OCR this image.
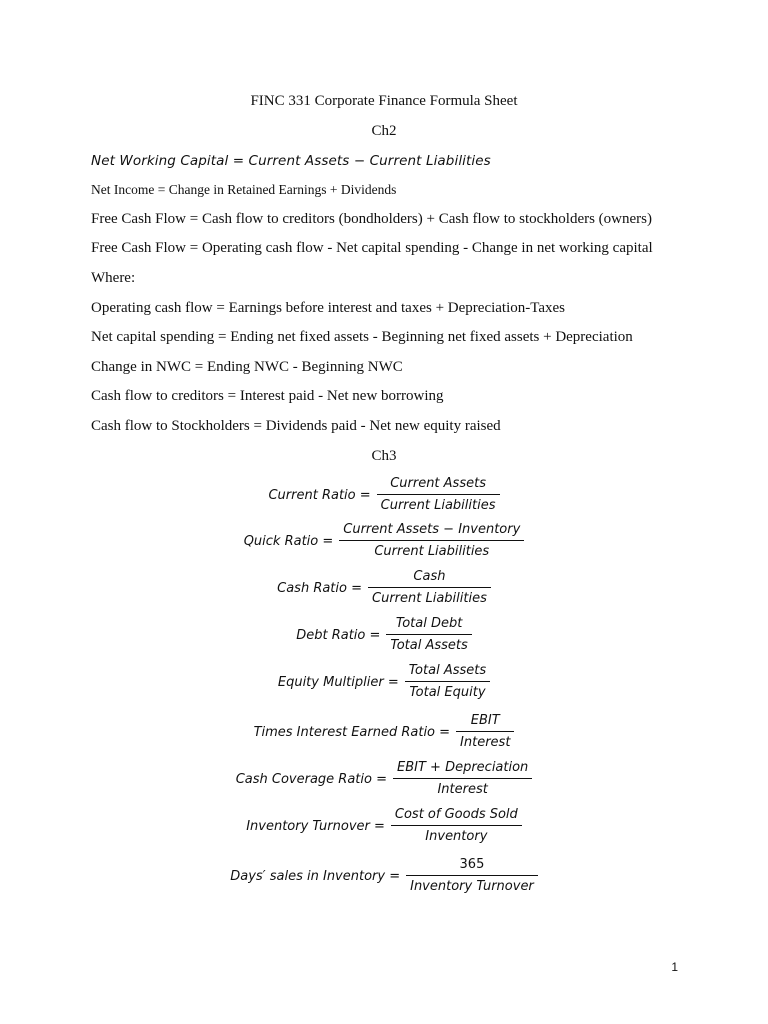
FINC 331 Corporate Finance Formula Sheet
Ch2
Net Working Capital = Current Assets − Current Liabilities
Net Income = Change in Retained Earnings + Dividends
Free Cash Flow = Cash flow to creditors (bondholders) + Cash flow to stockholders (owners)
Free Cash Flow = Operating cash flow - Net capital spending - Change in net working capital
Where:
Operating cash flow = Earnings before interest and taxes + Depreciation-Taxes
Net capital spending = Ending net fixed assets - Beginning net fixed assets + Depreciation
Change in NWC = Ending NWC - Beginning NWC
Cash flow to creditors = Interest paid - Net new borrowing
Cash flow to Stockholders = Dividends paid - Net new equity raised
Ch3
Current Ratio = $\frac{\text{Current Assets}}{\text{Current Liabilities}}$
Quick Ratio = $\frac{\text{Current Assets − Inventory}}{\text{Current Liabilities}}$
Cash Ratio = $\frac{\text{Cash}}{\text{Current Liabilities}}$
Debt Ratio = $\frac{\text{Total Debt}}{\text{Total Assets}}$
Equity Multiplier = $\frac{\text{Total Assets}}{\text{Total Equity}}$
Times Interest Earned Ratio = $\frac{\text{EBIT}}{\text{Interest}}$
Cash Coverage Ratio = $\frac{\text{EBIT + Depreciation}}{\text{Interest}}$
Inventory Turnover = $\frac{\text{Cost of Goods Sold}}{\text{Inventory}}$
Days′ sales in Inventory = $\frac{365}{\text{Inventory Turnover}}$
1
